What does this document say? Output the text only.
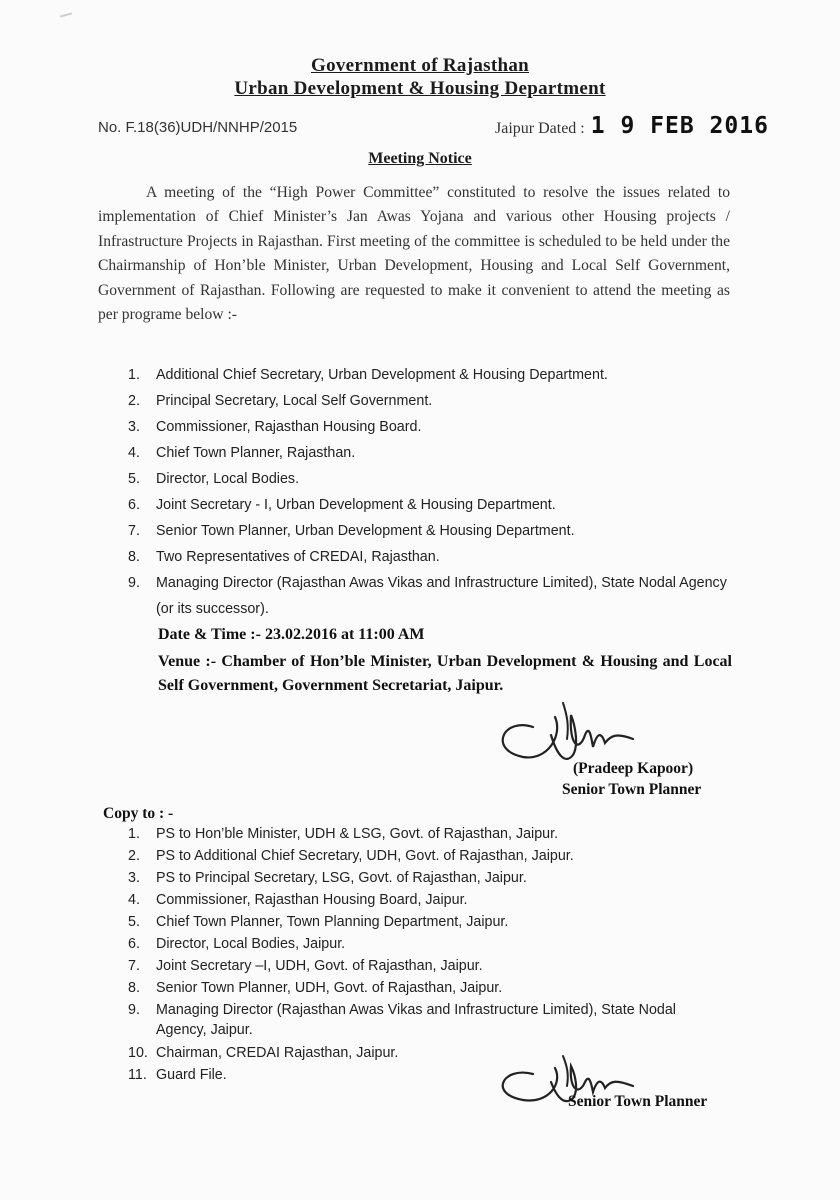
Government of Rajasthan
Urban Development & Housing Department
No. F.18(36)UDH/NNHP/2015	Jaipur Dated : 1 9 FEB 2016
Meeting Notice

A meeting of the “High Power Committee” constituted to resolve the issues related to implementation of Chief Minister’s Jan Awas Yojana and various other Housing projects / Infrastructure Projects in Rajasthan. First meeting of the committee is scheduled to be held under the Chairmanship of Hon’ble Minister, Urban Development, Housing and Local Self Government, Government of Rajasthan. Following are requested to make it convenient to attend the meeting as per programe below :-

1.	Additional Chief Secretary, Urban Development & Housing Department.
2.	Principal Secretary, Local Self Government.
3.	Commissioner, Rajasthan Housing Board.
4.	Chief Town Planner, Rajasthan.
5.	Director, Local Bodies.
6.	Joint Secretary - I, Urban Development & Housing Department.
7.	Senior Town Planner, Urban Development & Housing Department.
8.	Two Representatives of CREDAI, Rajasthan.
9.	Managing Director (Rajasthan Awas Vikas and Infrastructure Limited), State Nodal Agency (or its successor).
Date & Time :- 23.02.2016 at 11:00 AM
Venue :- Chamber of Hon’ble Minister, Urban Development & Housing and Local Self Government, Government Secretariat, Jaipur.
(Pradeep Kapoor)
Senior Town Planner
Copy to : -
1.	PS to Hon’ble Minister, UDH & LSG, Govt. of Rajasthan, Jaipur.
2.	PS to Additional Chief Secretary, UDH, Govt. of Rajasthan, Jaipur.
3.	PS to Principal Secretary, LSG, Govt. of Rajasthan, Jaipur.
4.	Commissioner, Rajasthan Housing Board, Jaipur.
5.	Chief Town Planner, Town Planning Department, Jaipur.
6.	Director, Local Bodies, Jaipur.
7.	Joint Secretary –I, UDH, Govt. of Rajasthan, Jaipur.
8.	Senior Town Planner, UDH, Govt. of Rajasthan, Jaipur.
9.	Managing Director (Rajasthan Awas Vikas and Infrastructure Limited), State Nodal Agency, Jaipur.
10. Chairman, CREDAI Rajasthan, Jaipur.
11. Guard File.
Senior Town Planner
